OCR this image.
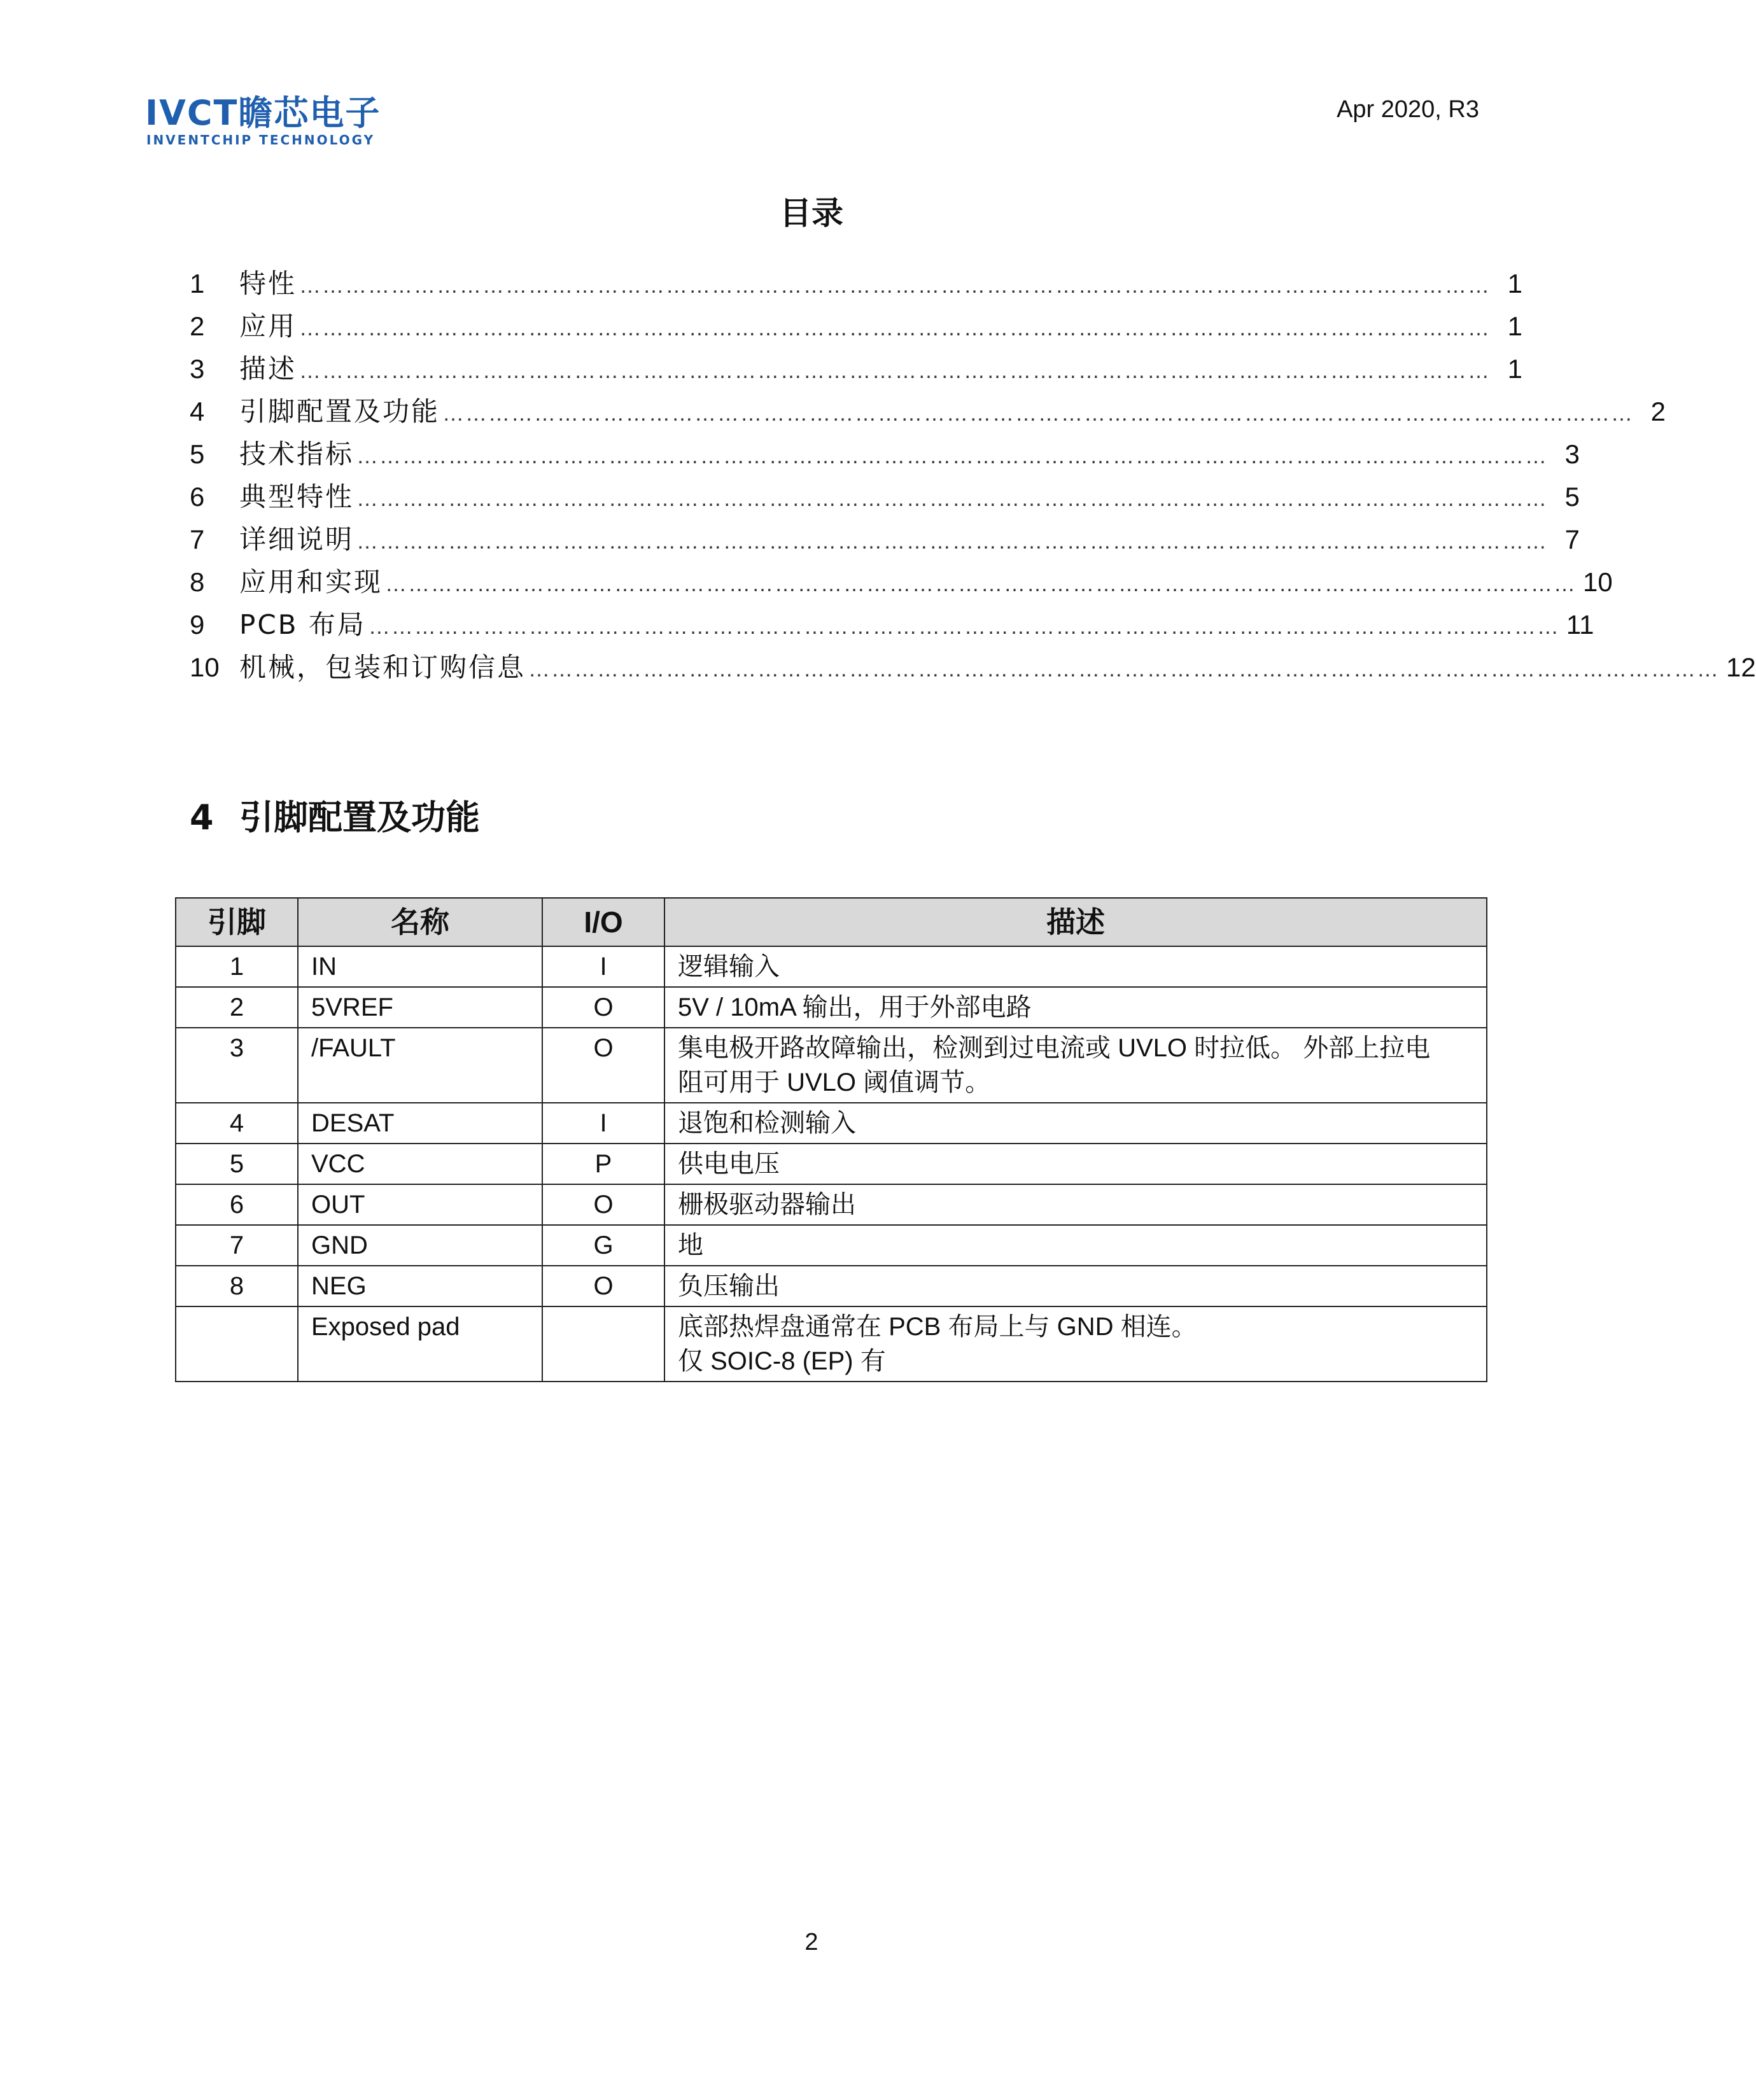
IVCT瞻芯电子
INVENTCHIP TECHNOLOGY
Apr 2020, R3
目录
1	特性 ………………………………………………………………………………………………………………………………………… 1
2	应用 ………………………………………………………………………………………………………………………………………… 1
3	描述 ………………………………………………………………………………………………………………………………………… 1
4	引脚配置及功能 ………………………………………………………………………………………………………………………………………… 2
5	技术指标 ………………………………………………………………………………………………………………………………………… 3
6	典型特性 ………………………………………………………………………………………………………………………………………… 5
7	详细说明 ………………………………………………………………………………………………………………………………………… 7
8	应用和实现 ………………………………………………………………………………………………………………………………………… 10
9	PCB 布局 ………………………………………………………………………………………………………………………………………… 11
10 机械，包装和订购信息 ………………………………………………………………………………………………………………………………………… 12
4 引脚配置及功能
引脚	名称	I/O	描述
1	IN	I	逻辑输入
2	5VREF	O	5V / 10mA 输出，用于外部电路
3	/FAULT	O	集电极开路故障输出，检测到过电流或 UVLO 时拉低。 外部上拉电
阻可用于 UVLO 阈值调节。

4	DESAT	I	退饱和检测输入
5	VCC	P	供电电压
6	OUT	O	栅极驱动器输出
7	GND	G	地
8	NEG	O	负压输出
	Exposed pad		底部热焊盘通常在 PCB 布局上与 GND 相连。
仅 SOIC-8 (EP) 有
2
